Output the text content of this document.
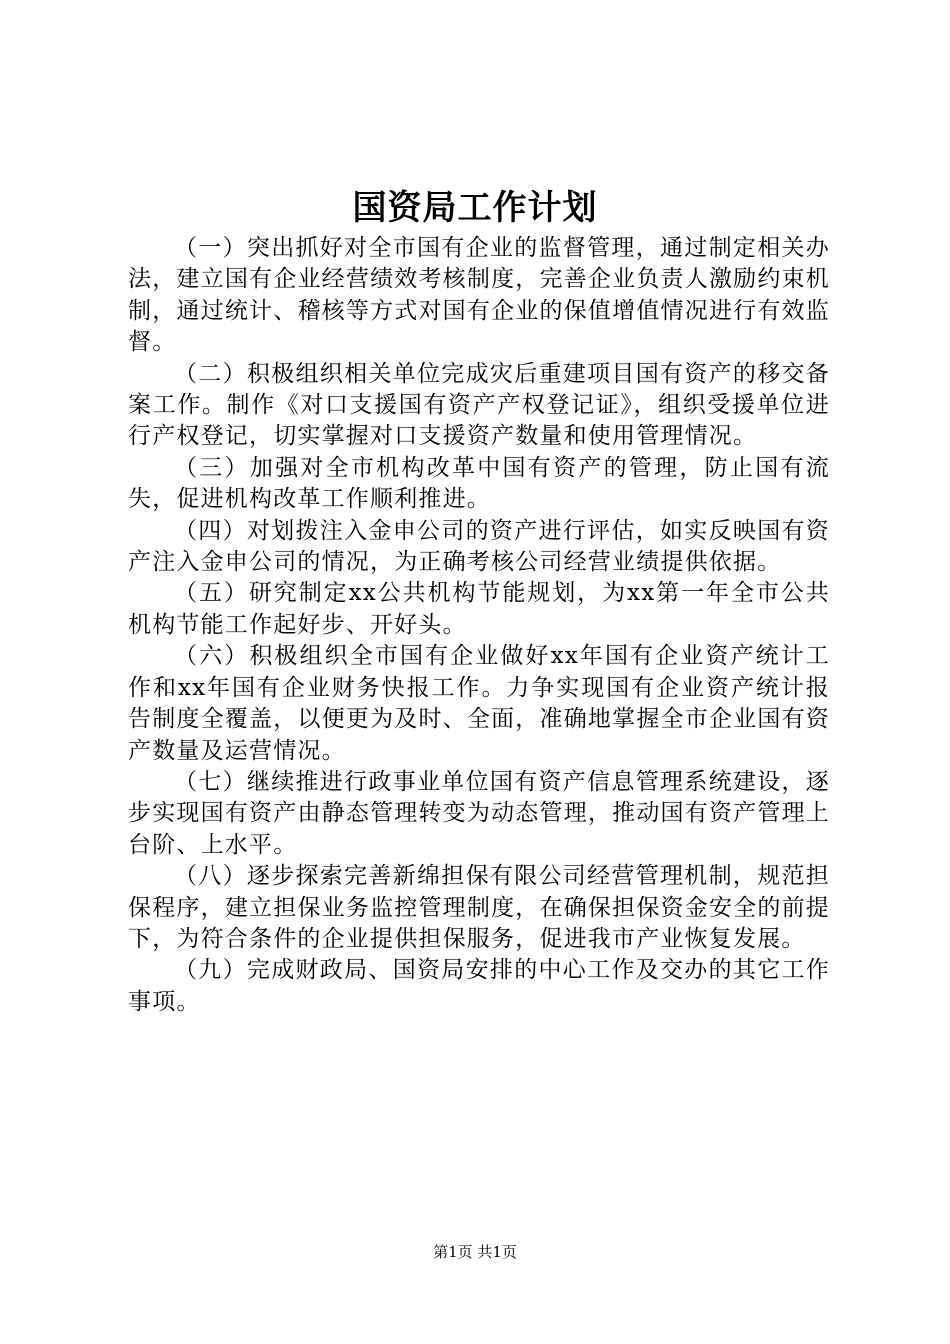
国资局工作计划

（一）突出抓好对全市国有企业的监督管理，通过制定相关办法，建立国有企业经营绩效考核制度，完善企业负责人激励约束机制，通过统计、稽核等方式对国有企业的保值增值情况进行有效监督。

（二）积极组织相关单位完成灾后重建项目国有资产的移交备案工作。制作《对口支援国有资产产权登记证》，组织受援单位进行产权登记，切实掌握对口支援资产数量和使用管理情况。

（三）加强对全市机构改革中国有资产的管理，防止国有流失，促进机构改革工作顺利推进。

（四）对划拨注入金申公司的资产进行评估，如实反映国有资产注入金申公司的情况，为正确考核公司经营业绩提供依据。

（五）研究制定xx公共机构节能规划，为xx第一年全市公共机构节能工作起好步、开好头。

（六）积极组织全市国有企业做好xx年国有企业资产统计工作和xx年国有企业财务快报工作。力争实现国有企业资产统计报告制度全覆盖，以便更为及时、全面，准确地掌握全市企业国有资产数量及运营情况。

（七）继续推进行政事业单位国有资产信息管理系统建设，逐步实现国有资产由静态管理转变为动态管理，推动国有资产管理上台阶、上水平。

（八）逐步探索完善新绵担保有限公司经营管理机制，规范担保程序，建立担保业务监控管理制度，在确保担保资金安全的前提下，为符合条件的企业提供担保服务，促进我市产业恢复发展。

（九）完成财政局、国资局安排的中心工作及交办的其它工作事项。

第1页 共1页
